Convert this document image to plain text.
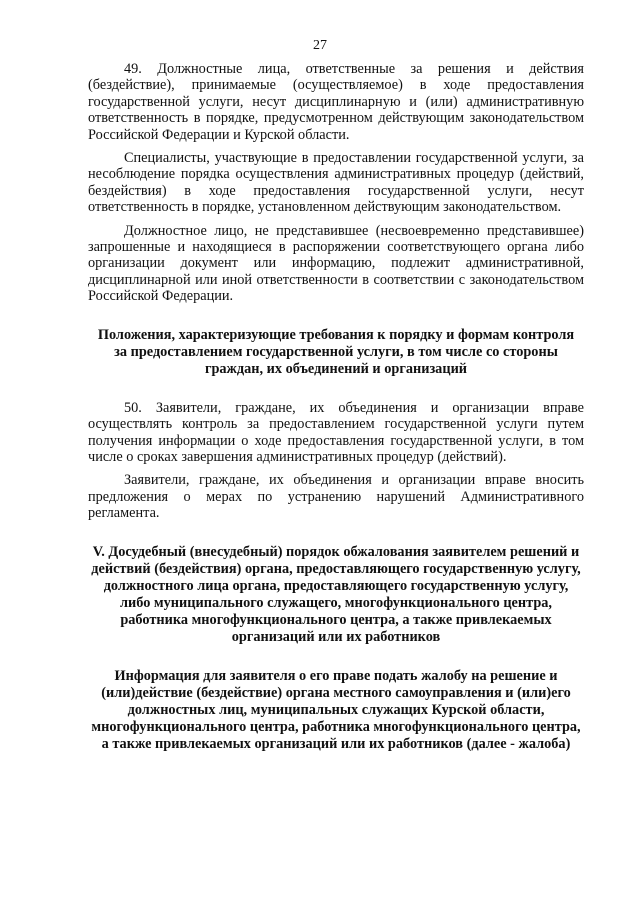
27

49. Должностные лица, ответственные за решения и действия (бездействие), принимаемые (осуществляемое) в ходе предоставления государственной услуги, несут дисциплинарную и (или) административную ответственность в порядке, предусмотренном действующим законодательством Российской Федерации и Курской области.

Специалисты, участвующие в предоставлении государственной услуги, за несоблюдение порядка осуществления административных процедур (действий, бездействия) в ходе предоставления государственной услуги, несут ответственность в порядке, установленном действующим законодательством.

Должностное лицо, не представившее (несвоевременно представившее) запрошенные и находящиеся в распоряжении соответствующего органа либо организации документ или информацию, подлежит административной, дисциплинарной или иной ответственности в соответствии с законодательством Российской Федерации.

Положения, характеризующие требования к порядку и формам контроля за предоставлением государственной услуги, в том числе со стороны граждан, их объединений и организаций

50. Заявители, граждане, их объединения и организации вправе осуществлять контроль за предоставлением государственной услуги путем получения информации о ходе предоставления государственной услуги, в том числе о сроках завершения административных процедур (действий).

Заявители, граждане, их объединения и организации вправе вносить предложения о мерах по устранению нарушений Административного регламента.

V. Досудебный (внесудебный) порядок обжалования заявителем решений и действий (бездействия) органа, предоставляющего государственную услугу, должностного лица органа, предоставляющего государственную услугу, либо муниципального служащего, многофункционального центра, работника многофункционального центра, а также привлекаемых организаций или их работников

Информация для заявителя о его праве подать жалобу на решение и (или)действие (бездействие) органа местного самоуправления и (или)его должностных лиц, муниципальных служащих Курской области, многофункционального центра, работника многофункционального центра, а также привлекаемых организаций или их работников (далее - жалоба)
